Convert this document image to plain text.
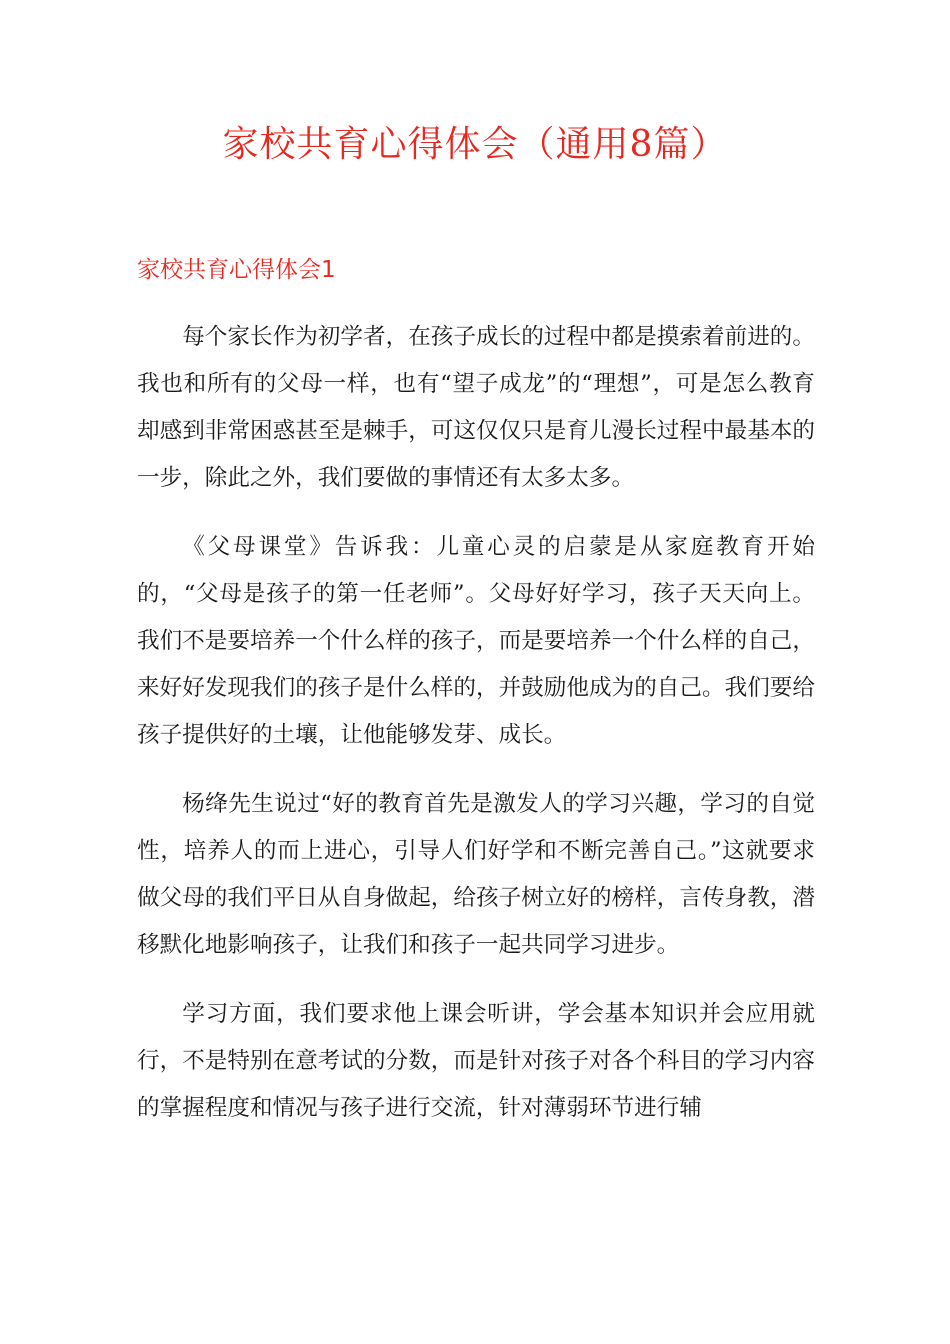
家校共育心得体会（通用8篇）
家校共育心得体会1

每个家长作为初学者，在孩子成长的过程中都是摸索着前进的。我也和所有的父母一样，也有“望子成龙”的“理想”，可是怎么教育却感到非常困惑甚至是棘手，可这仅仅只是育儿漫长过程中最基本的一步，除此之外，我们要做的事情还有太多太多。

《父母课堂》告诉我：儿童心灵的启蒙是从家庭教育开始的，“父母是孩子的第一任老师”。父母好好学习，孩子天天向上。我们不是要培养一个什么样的孩子，而是要培养一个什么样的自己，来好好发现我们的孩子是什么样的，并鼓励他成为的自己。我们要给孩子提供好的土壤，让他能够发芽、成长。

杨绛先生说过“好的教育首先是激发人的学习兴趣，学习的自觉性，培养人的而上进心，引导人们好学和不断完善自己。”这就要求做父母的我们平日从自身做起，给孩子树立好的榜样，言传身教，潜移默化地影响孩子，让我们和孩子一起共同学习进步。

学习方面，我们要求他上课会听讲，学会基本知识并会应用就行，不是特别在意考试的分数，而是针对孩子对各个科目的学习内容的掌握程度和情况与孩子进行交流，针对薄弱环节进行辅
